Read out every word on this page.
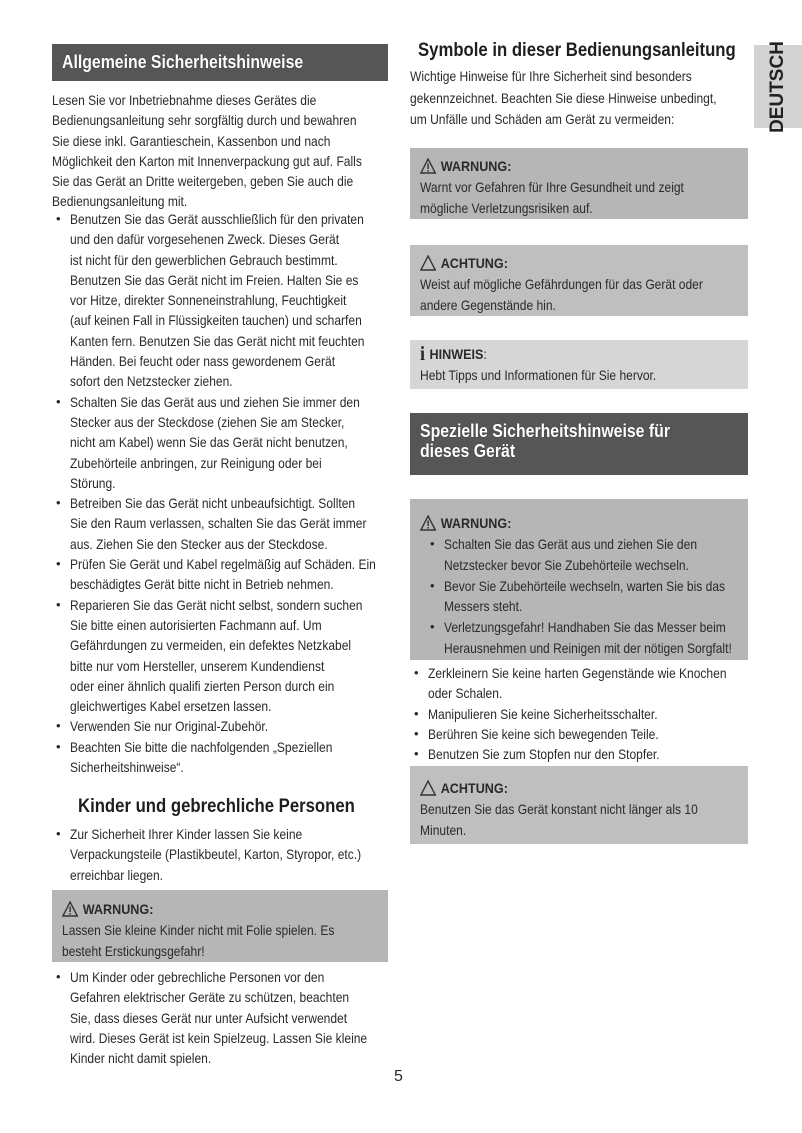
Allgemeine Sicherheitshinweise
Lesen Sie vor Inbetriebnahme dieses Gerätes die
Bedienungsanleitung sehr sorgfältig durch und bewahren
Sie diese inkl. Garantieschein, Kassenbon und nach
Möglichkeit den Karton mit Innenverpackung gut auf. Falls
Sie das Gerät an Dritte weitergeben, geben Sie auch die
Bedienungsanleitung mit.
• Benutzen Sie das Gerät ausschließlich für den privaten
und den dafür vorgesehenen Zweck. Dieses Gerät
ist nicht für den gewerblichen Gebrauch bestimmt.
Benutzen Sie das Gerät nicht im Freien. Halten Sie es
vor Hitze, direkter Sonneneinstrahlung, Feuchtigkeit
(auf keinen Fall in Flüssigkeiten tauchen) und scharfen
Kanten fern. Benutzen Sie das Gerät nicht mit feuchten
Händen. Bei feucht oder nass gewordenem Gerät
sofort den Netzstecker ziehen.
• Schalten Sie das Gerät aus und ziehen Sie immer den
Stecker aus der Steckdose (ziehen Sie am Stecker,
nicht am Kabel) wenn Sie das Gerät nicht benutzen,
Zubehörteile anbringen, zur Reinigung oder bei
Störung.
• Betreiben Sie das Gerät nicht unbeaufsichtigt. Sollten
Sie den Raum verlassen, schalten Sie das Gerät immer
aus. Ziehen Sie den Stecker aus der Steckdose.
• Prüfen Sie Gerät und Kabel regelmäßig auf Schäden. Ein
beschädigtes Gerät bitte nicht in Betrieb nehmen.
• Reparieren Sie das Gerät nicht selbst, sondern suchen
Sie bitte einen autorisierten Fachmann auf. Um
Gefährdungen zu vermeiden, ein defektes Netzkabel
bitte nur vom Hersteller, unserem Kundendienst
oder einer ähnlich qualifi zierten Person durch ein
gleichwertiges Kabel ersetzen lassen.
• Verwenden Sie nur Original-Zubehör.
• Beachten Sie bitte die nachfolgenden „Speziellen
Sicherheitshinweise“.
Kinder und gebrechliche Personen
• Zur Sicherheit Ihrer Kinder lassen Sie keine
Verpackungsteile (Plastikbeutel, Karton, Styropor, etc.)
erreichbar liegen.
WARNUNG:
Lassen Sie kleine Kinder nicht mit Folie spielen. Es
besteht Erstickungsgefahr!
• Um Kinder oder gebrechliche Personen vor den
Gefahren elektrischer Geräte zu schützen, beachten
Sie, dass dieses Gerät nur unter Aufsicht verwendet
wird. Dieses Gerät ist kein Spielzeug. Lassen Sie kleine
Kinder nicht damit spielen.
5
Symbole in dieser Bedienungsanleitung
Wichtige Hinweise für Ihre Sicherheit sind besonders
gekennzeichnet. Beachten Sie diese Hinweise unbedingt,
um Unfälle und Schäden am Gerät zu vermeiden:
WARNUNG:
Warnt vor Gefahren für Ihre Gesundheit und zeigt
mögliche Verletzungsrisiken auf.
ACHTUNG:
Weist auf mögliche Gefährdungen für das Gerät oder
andere Gegenstände hin.
i HINWEIS:
Hebt Tipps und Informationen für Sie hervor.
Spezielle Sicherheitshinweise für
dieses Gerät
WARNUNG:
• Schalten Sie das Gerät aus und ziehen Sie den
Netzstecker bevor Sie Zubehörteile wechseln.
• Bevor Sie Zubehörteile wechseln, warten Sie bis das
Messers steht.
• Verletzungsgefahr! Handhaben Sie das Messer beim
Herausnehmen und Reinigen mit der nötigen Sorgfalt!
• Zerkleinern Sie keine harten Gegenstände wie Knochen
oder Schalen.
• Manipulieren Sie keine Sicherheitsschalter.
• Berühren Sie keine sich bewegenden Teile.
• Benutzen Sie zum Stopfen nur den Stopfer.
ACHTUNG:
Benutzen Sie das Gerät konstant nicht länger als 10
Minuten.
DEUTSCH
